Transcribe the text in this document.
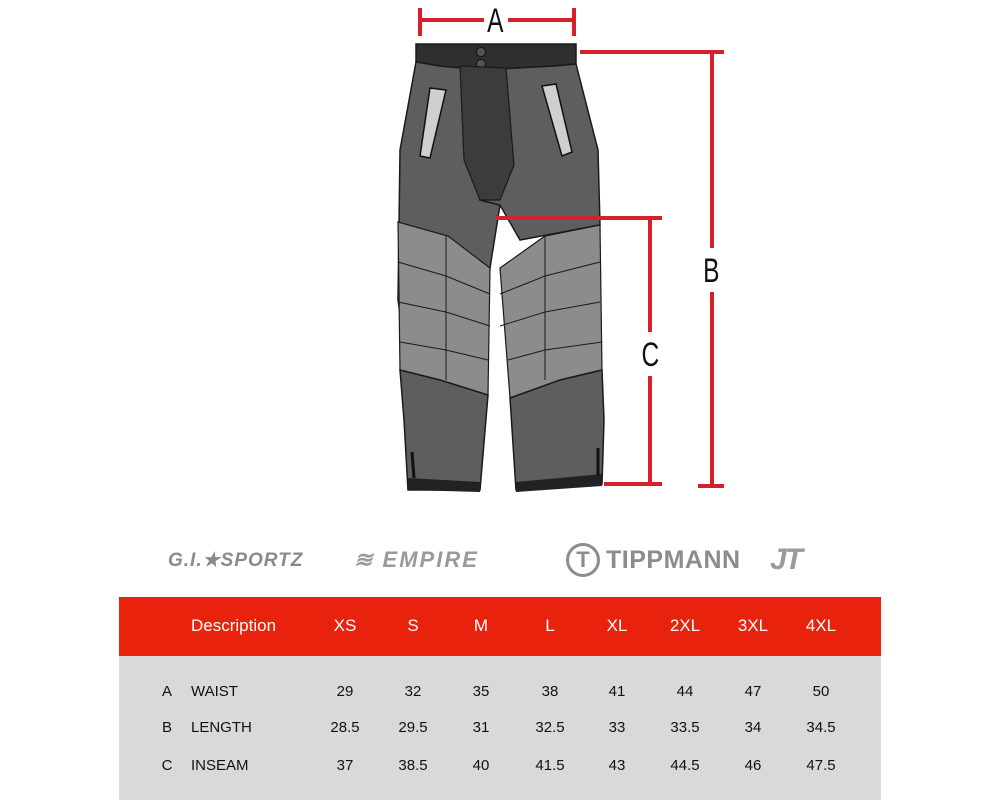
A
B
C
G.I.★SPORTZ ≋ EMPIRE	T TIPPMANN JT
Description	XS	S	M	L	XL 2XL 3XL 4XL
A WAIST	29	32	35	38	41	44	47	50
B LENGTH	28.5	29.5	31	32.5	33	33.5	34	34.5
C INSEAM	37	38.5	40	41.5	43	44.5	46	47.5
